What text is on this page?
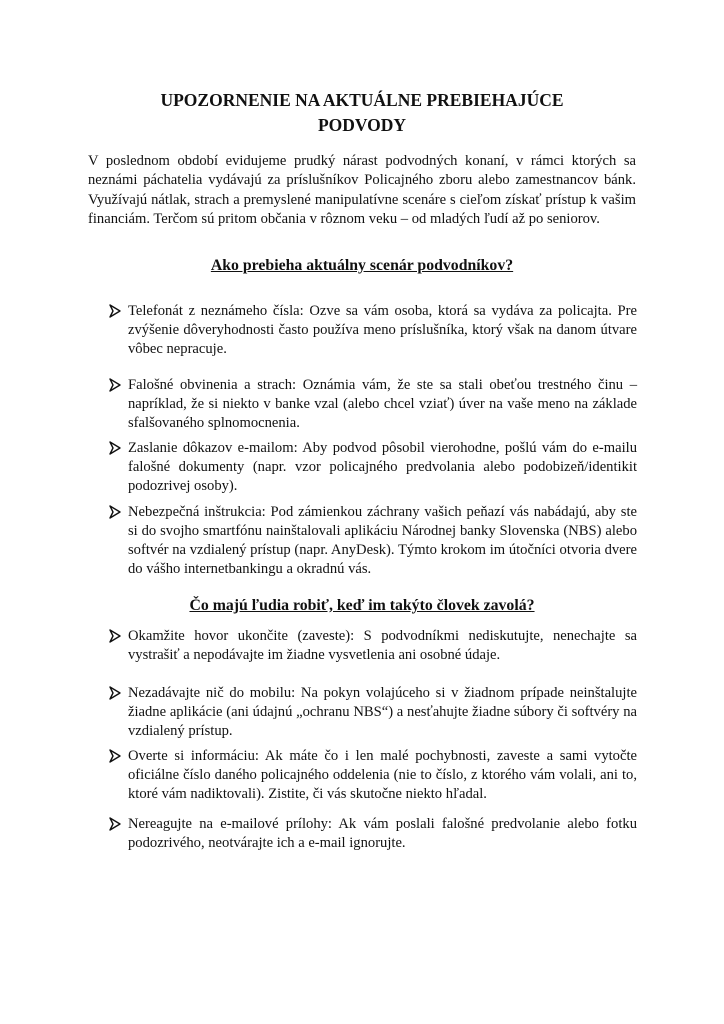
UPOZORNENIE NA AKTUÁLNE PREBIEHAJÚCE
PODVODY

V poslednom období evidujeme prudký nárast podvodných konaní, v rámci ktorých sa neznámi páchatelia vydávajú za príslušníkov Policajného zboru alebo zamestnancov bánk. Využívajú nátlak, strach a premyslené manipulatívne scenáre s cieľom získať prístup k vašim financiám. Terčom sú pritom občania v rôznom veku – od mladých ľudí až po seniorov.

Ako prebieha aktuálny scenár podvodníkov?

Telefonát z neznámeho čísla: Ozve sa vám osoba, ktorá sa vydáva za policajta. Pre zvýšenie dôveryhodnosti často používa meno príslušníka, ktorý však na danom útvare vôbec nepracuje.

Falošné obvinenia a strach: Oznámia vám, že ste sa stali obeťou trestného činu – napríklad, že si niekto v banke vzal (alebo chcel vziať) úver na vaše meno na základe sfalšovaného splnomocnenia.

Zaslanie dôkazov e-mailom: Aby podvod pôsobil vierohodne, pošlú vám do e-mailu falošné dokumenty (napr. vzor policajného predvolania alebo podobizeň/identikit podozrivej osoby).

Nebezpečná inštrukcia: Pod zámienkou záchrany vašich peňazí vás nabádajú, aby ste si do svojho smartfónu nainštalovali aplikáciu Národnej banky Slovenska (NBS) alebo softvér na vzdialený prístup (napr. AnyDesk). Týmto krokom im útočníci otvoria dvere do vášho internetbankingu a okradnú vás.

Čo majú ľudia robiť, keď im takýto človek zavolá?

Okamžite hovor ukončite (zaveste): S podvodníkmi nediskutujte, nenechajte sa vystrašiť a nepodávajte im žiadne vysvetlenia ani osobné údaje.

Nezadávajte nič do mobilu: Na pokyn volajúceho si v žiadnom prípade neinštalujte žiadne aplikácie (ani údajnú „ochranu NBS“) a nesťahujte žiadne súbory či softvéry na vzdialený prístup.

Overte si informáciu: Ak máte čo i len malé pochybnosti, zaveste a sami vytočte oficiálne číslo daného policajného oddelenia (nie to číslo, z ktorého vám volali, ani to, ktoré vám nadiktovali). Zistite, či vás skutočne niekto hľadal.

Nereagujte na e-mailové prílohy: Ak vám poslali falošné predvolanie alebo fotku podozrivého, neotvárajte ich a e-mail ignorujte.
